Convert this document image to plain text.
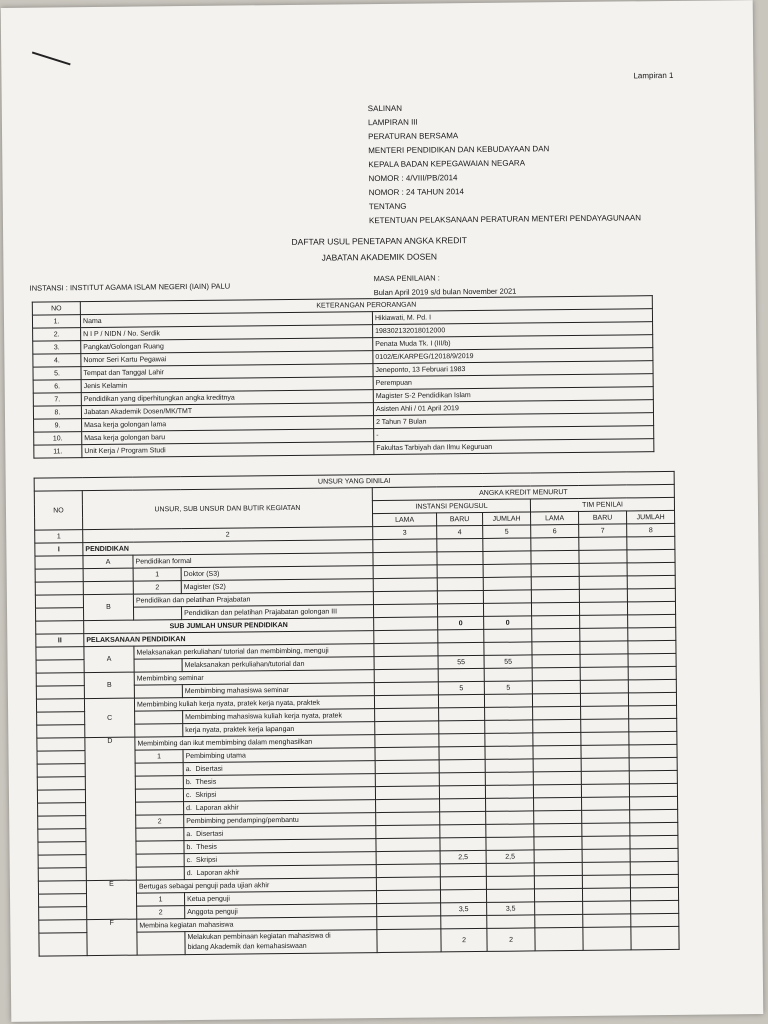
Lampiran 1
SALINAN
LAMPIRAN III
PERATURAN BERSAMA
MENTERI PENDIDIKAN DAN KEBUDAYAAN DAN
KEPALA BADAN KEPEGAWAIAN NEGARA
NOMOR : 4/VIII/PB/2014
NOMOR : 24 TAHUN 2014
TENTANG
KETENTUAN PELAKSANAAN PERATURAN MENTERI PENDAYAGUNAAN
DAFTAR USUL PENETAPAN ANGKA KREDIT
JABATAN AKADEMIK DOSEN
INSTANSI : INSTITUT AGAMA ISLAM NEGERI (IAIN) PALU
MASA PENILAIAN :
Bulan April 2019 s/d bulan November 2021
NO	KETERANGAN PERORANGAN	
1.	Nama	Hikiawati, M. Pd. I
2.	N I P / NIDN / No. Serdik	198302132018012000
3.	Pangkat/Golongan Ruang	Penata Muda Tk. I (III/b)
4.	Nomor Seri Kartu Pegawai	0102/E/KARPEG/12018/9/2019
5.	Tempat dan Tanggal Lahir	Jeneponto, 13 Februari 1983
6.	Jenis Kelamin	Perempuan
7.	Pendidikan yang diperhitungkan angka kreditnya	Magister S-2 Pendidikan Islam
8.	Jabatan Akademik Dosen/MK/TMT	Asisten Ahli / 01 April 2019
9.	Masa kerja golongan lama	2 Tahun 7 Bulan
10.	Masa kerja golongan baru	-
11.	Unit Kerja / Program Studi	Fakultas Tarbiyah dan Ilmu Keguruan
UNSUR YANG DINILAI									
NO	UNSUR, SUB UNSUR DAN BUTIR KEGIATAN			ANGKA KREDIT MENURUT					
				INSTANSI PENGUSUL			TIM PENILAI		
				LAMA	BARU	JUMLAH	LAMA	BARU	JUMLAH
1	2			3	4	5	6	7	8
I	PENDIDIKAN								
	A	Pendidikan formal							
		1	Doktor (S3)						
		2	Magister (S2)						
	B	Pendidikan dan pelatihan Prajabatan							
			Pendidikan dan pelatihan Prajabatan golongan III						
	SUB JUMLAH UNSUR PENDIDIKAN				0	0			
II	PELAKSANAAN PENDIDIKAN								
	A	Melaksanakan perkuliahan/ tutorial dan membimbing, menguji							
			Melaksanakan perkuliahan/tutorial dan		55	55			
	B	Membimbing seminar							
			Membimbing mahasiswa seminar		5	5			
	C	Membimbing kuliah kerja nyata, pratek kerja nyata, praktek							
			Membimbing mahasiswa kuliah kerja nyata, pratek						
			kerja nyata, praktek kerja lapangan						
	D	Membimbing dan ikut membimbing dalam menghasilkan							
		1	Pembimbing utama						
			a. Disertasi						
			b. Thesis						
			c. Skripsi						
			d. Laporan akhir						
		2	Pembimbing pendamping/pembantu						
			a. Disertasi						
			b. Thesis						
			c. Skripsi		2,5	2,5			
			d. Laporan akhir						
	E	Bertugas sebagai penguji pada ujian akhir							
		1	Ketua penguji						
		2	Anggota penguji		3,5	3,5			
	F	Membina kegiatan mahasiswa							
			Melakukan pembinaan kegiatan mahasiswa di
bidang Akademik dan kemahasiswaan		2	2			
